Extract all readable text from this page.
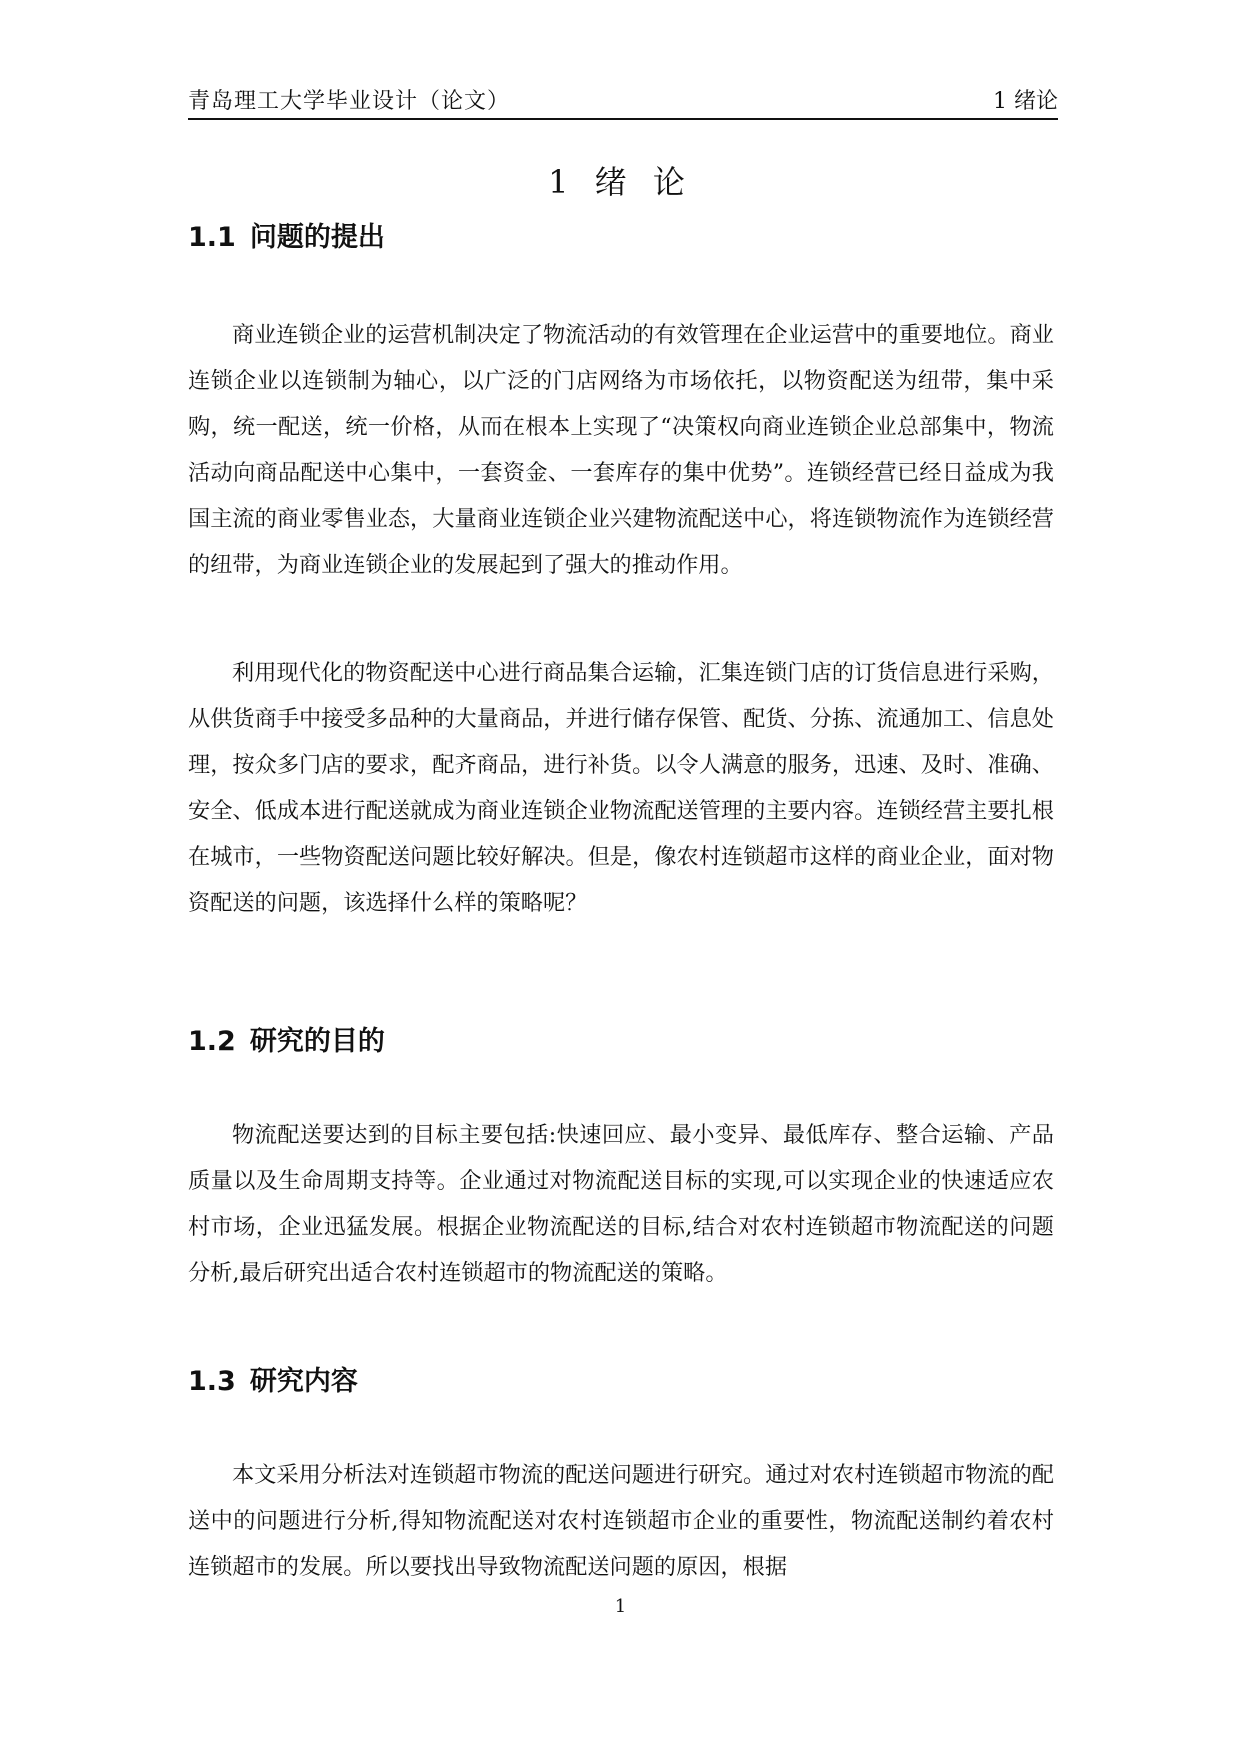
青岛理工大学毕业设计（论文）	1 绪论
1 绪 论
1.1 问题的提出

商业连锁企业的运营机制决定了物流活动的有效管理在企业运营中的重要地位。商业连锁企业以连锁制为轴心，以广泛的门店网络为市场依托，以物资配送为纽带，集中采购，统一配送，统一价格，从而在根本上实现了“决策权向商业连锁企业总部集中，物流活动向商品配送中心集中，一套资金、一套库存的集中优势”。连锁经营已经日益成为我国主流的商业零售业态，大量商业连锁企业兴建物流配送中心，将连锁物流作为连锁经营的纽带，为商业连锁企业的发展起到了强大的推动作用。

利用现代化的物资配送中心进行商品集合运输，汇集连锁门店的订货信息进行采购，从供货商手中接受多品种的大量商品，并进行储存保管、配货、分拣、流通加工、信息处理，按众多门店的要求，配齐商品，进行补货。以令人满意的服务，迅速、及时、准确、安全、低成本进行配送就成为商业连锁企业物流配送管理的主要内容。连锁经营主要扎根在城市，一些物资配送问题比较好解决。但是，像农村连锁超市这样的商业企业，面对物资配送的问题，该选择什么样的策略呢？

1.2 研究的目的

物流配送要达到的目标主要包括:快速回应、最小变异、最低库存、整合运输、产品质量以及生命周期支持等。企业通过对物流配送目标的实现,可以实现企业的快速适应农村市场，企业迅猛发展。根据企业物流配送的目标,结合对农村连锁超市物流配送的问题分析,最后研究出适合农村连锁超市的物流配送的策略。

1.3 研究内容

本文采用分析法对连锁超市物流的配送问题进行研究。通过对农村连锁超市物流的配送中的问题进行分析,得知物流配送对农村连锁超市企业的重要性，物流配送制约着农村连锁超市的发展。所以要找出导致物流配送问题的原因，根据

1
